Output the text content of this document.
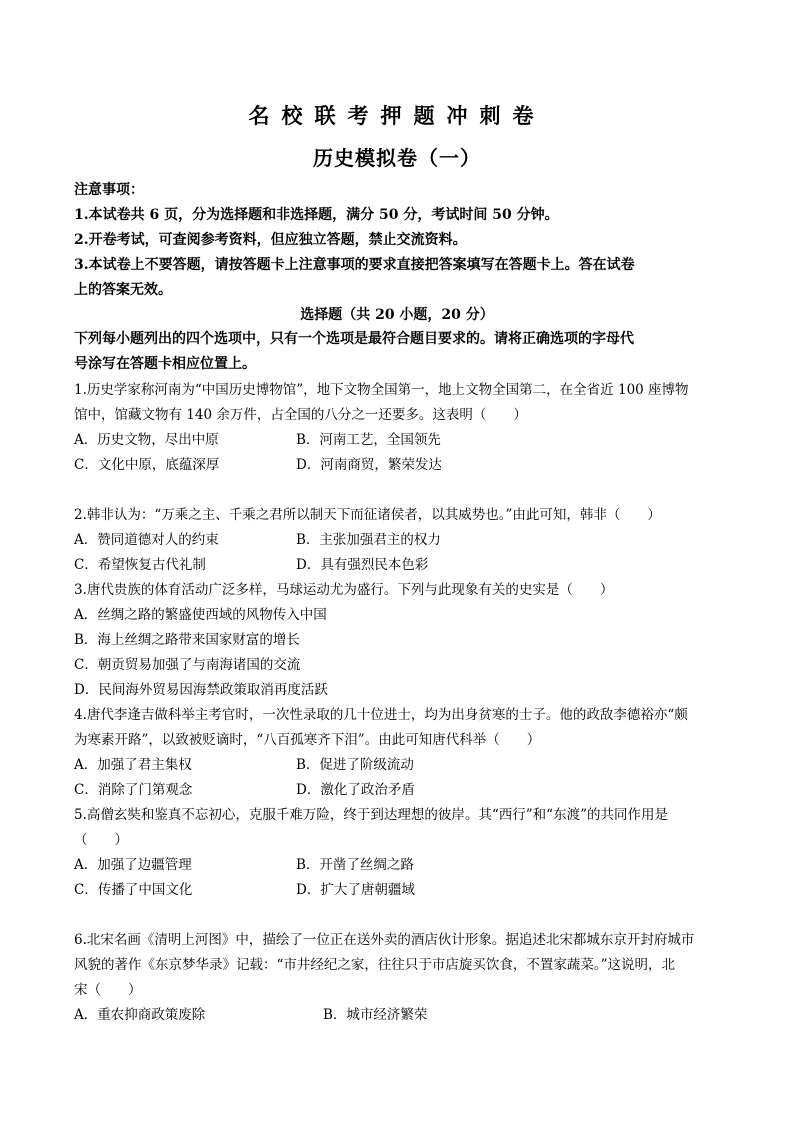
名校联考押题冲刺卷
历史模拟卷（一）
注意事项：
1.本试卷共 6 页，分为选择题和非选择题，满分 50 分，考试时间 50 分钟。
2.开卷考试，可查阅参考资料，但应独立答题，禁止交流资料。
3.本试卷上不要答题，请按答题卡上注意事项的要求直接把答案填写在答题卡上。答在试卷
上的答案无效。
选择题（共 20 小题，20 分）
下列每小题列出的四个选项中，只有一个选项是最符合题目要求的。请将正确选项的字母代
号涂写在答题卡相应位置上。
1.历史学家称河南为“中国历史博物馆”，地下文物全国第一，地上文物全国第二，在全省近 100 座博物
馆中，馆藏文物有 140 余万件，占全国的八分之一还要多。这表明（　　）
A．历史文物，尽出中原	B．河南工艺，全国领先
C．文化中原，底蕴深厚	D．河南商贸，繁荣发达
2.韩非认为：“万乘之主、千乘之君所以制天下而征诸侯者，以其威势也。”由此可知，韩非（　　）
A．赞同道德对人的约束	B．主张加强君主的权力
C．希望恢复古代礼制	D．具有强烈民本色彩
3.唐代贵族的体育活动广泛多样，马球运动尤为盛行。下列与此现象有关的史实是（　　）
A．丝绸之路的繁盛使西域的风物传入中国
B．海上丝绸之路带来国家财富的增长
C．朝贡贸易加强了与南海诸国的交流
D．民间海外贸易因海禁政策取消再度活跃
4.唐代李逢吉做科举主考官时，一次性录取的几十位进士，均为出身贫寒的士子。他的政敌李德裕亦“颇
为寒素开路”，以致被贬谪时，“八百孤寒齐下泪”。由此可知唐代科举（　　）
A．加强了君主集权	B．促进了阶级流动
C．消除了门第观念	D．激化了政治矛盾
5.高僧玄奘和鉴真不忘初心，克服千难万险，终于到达理想的彼岸。其“西行”和“东渡”的共同作用是
（　　）
A．加强了边疆管理	B．开凿了丝绸之路
C．传播了中国文化	D．扩大了唐朝疆域
6.北宋名画《清明上河图》中，描绘了一位正在送外卖的酒店伙计形象。据追述北宋都城东京开封府城市
风貌的著作《东京梦华录》记载：“市井经纪之家，往往只于市店旋买饮食，不置家蔬菜。”这说明，北
宋（　　）
A．重农抑商政策废除	B．城市经济繁荣
